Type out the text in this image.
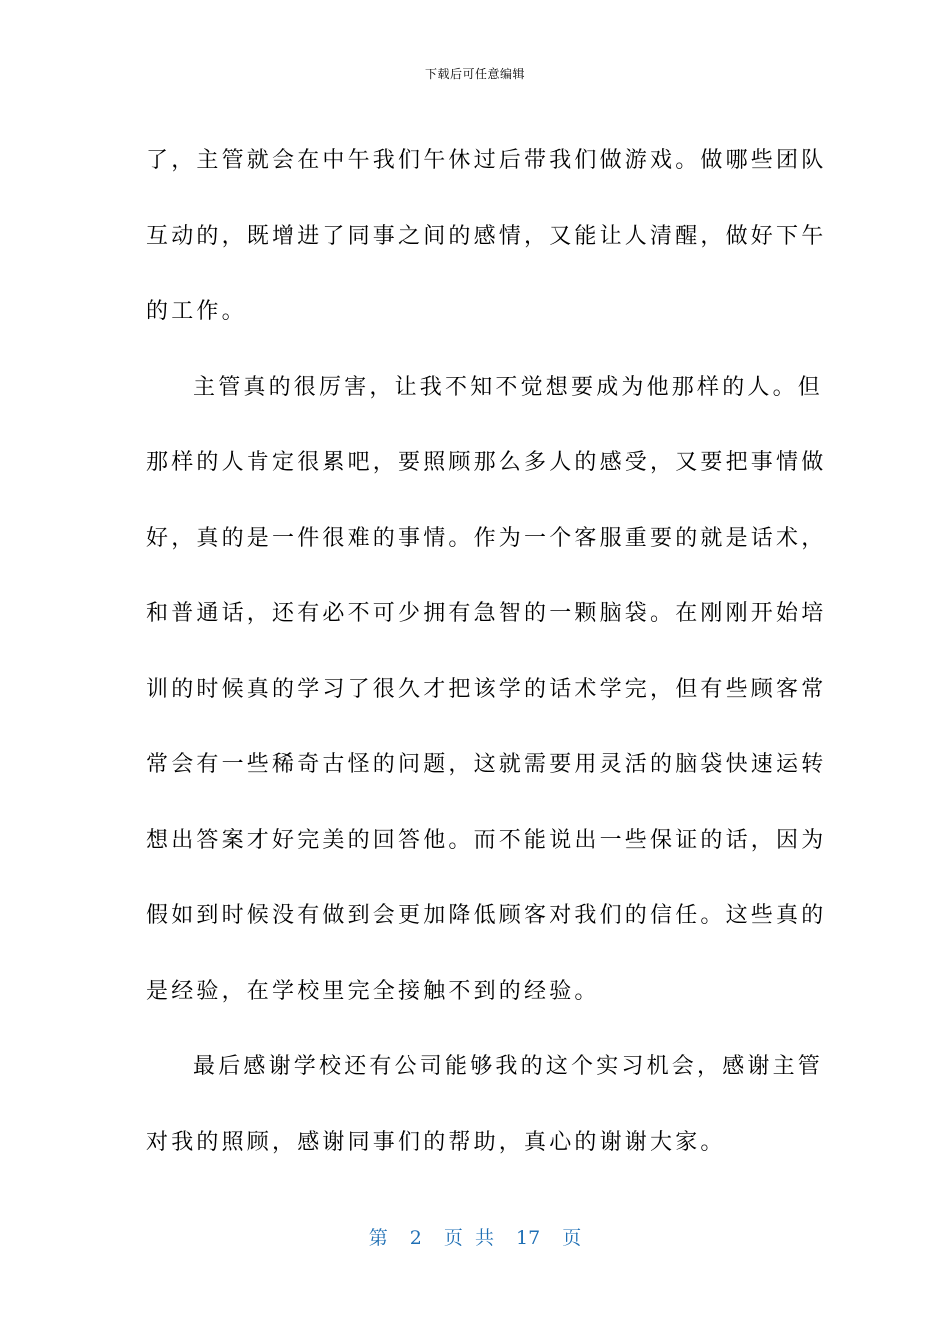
下载后可任意编辑
了，主管就会在中午我们午休过后带我们做游戏。做哪些团队
互动的，既增进了同事之间的感情，又能让人清醒，做好下午
的工作。
主管真的很厉害，让我不知不觉想要成为他那样的人。但
那样的人肯定很累吧，要照顾那么多人的感受，又要把事情做
好，真的是一件很难的事情。作为一个客服重要的就是话术，
和普通话，还有必不可少拥有急智的一颗脑袋。在刚刚开始培
训的时候真的学习了很久才把该学的话术学完，但有些顾客常
常会有一些稀奇古怪的问题，这就需要用灵活的脑袋快速运转
想出答案才好完美的回答他。而不能说出一些保证的话，因为
假如到时候没有做到会更加降低顾客对我们的信任。这些真的
是经验，在学校里完全接触不到的经验。
最后感谢学校还有公司能够我的这个实习机会，感谢主管
对我的照顾，感谢同事们的帮助，真心的谢谢大家。
第 2 页 共 17 页
